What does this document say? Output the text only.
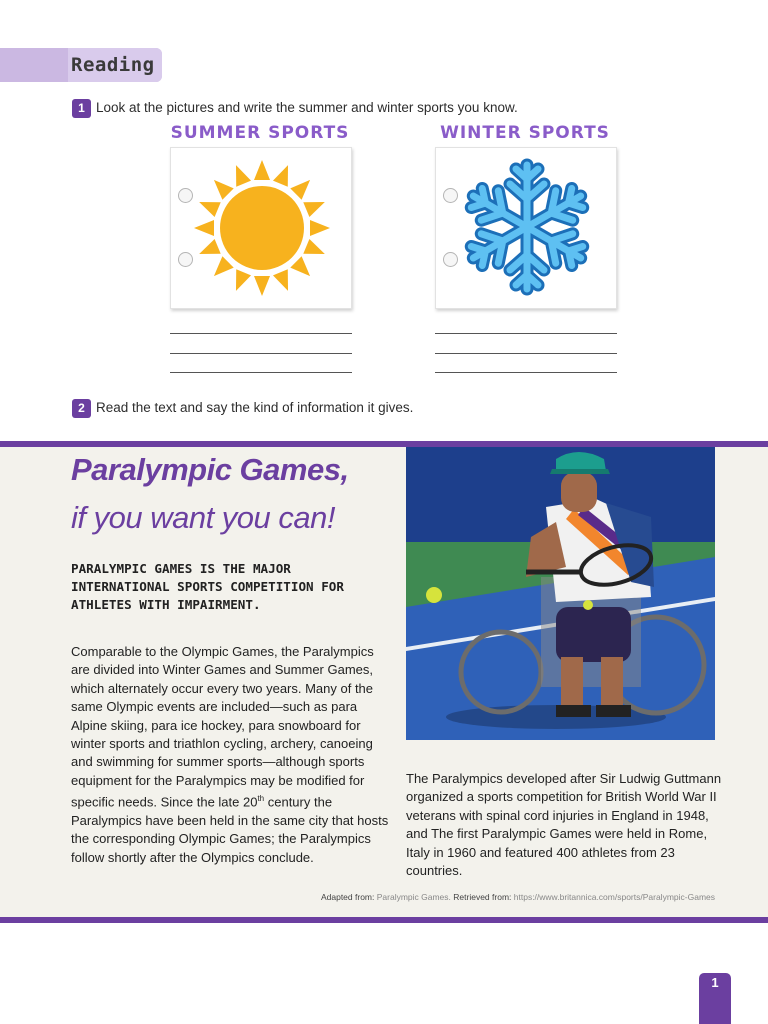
Reading
1 Look at the pictures and write the summer and winter sports you know.
SUMMER SPORTS	WINTER SPORTS
2 Read the text and say the kind of information it gives.
Paralympic Games,
if you want you can!
PARALYMPIC GAMES IS THE MAJOR INTERNATIONAL SPORTS COMPETITION FOR ATHLETES WITH IMPAIRMENT.
Comparable to the Olympic Games, the Paralympics are divided into Winter Games and Summer Games, which alternately occur every two years. Many of the same Olympic events are included—such as para Alpine skiing, para ice hockey, para snowboard for winter sports and triathlon cycling, archery, canoeing and swimming for summer sports—although sports equipment for the Paralympics may be modified for specific needs. Since the late 20th century the Paralympics have been held in the same city that hosts the corresponding Olympic Games; the Paralympics follow shortly after the Olympics conclude.
The Paralympics developed after Sir Ludwig Guttmann organized a sports competition for British World War II veterans with spinal cord injuries in England in 1948, and The first Paralympic Games were held in Rome, Italy in 1960 and featured 400 athletes from 23 countries.
Adapted from: Paralympic Games. Retrieved from: https://www.britannica.com/sports/Paralympic-Games
1
